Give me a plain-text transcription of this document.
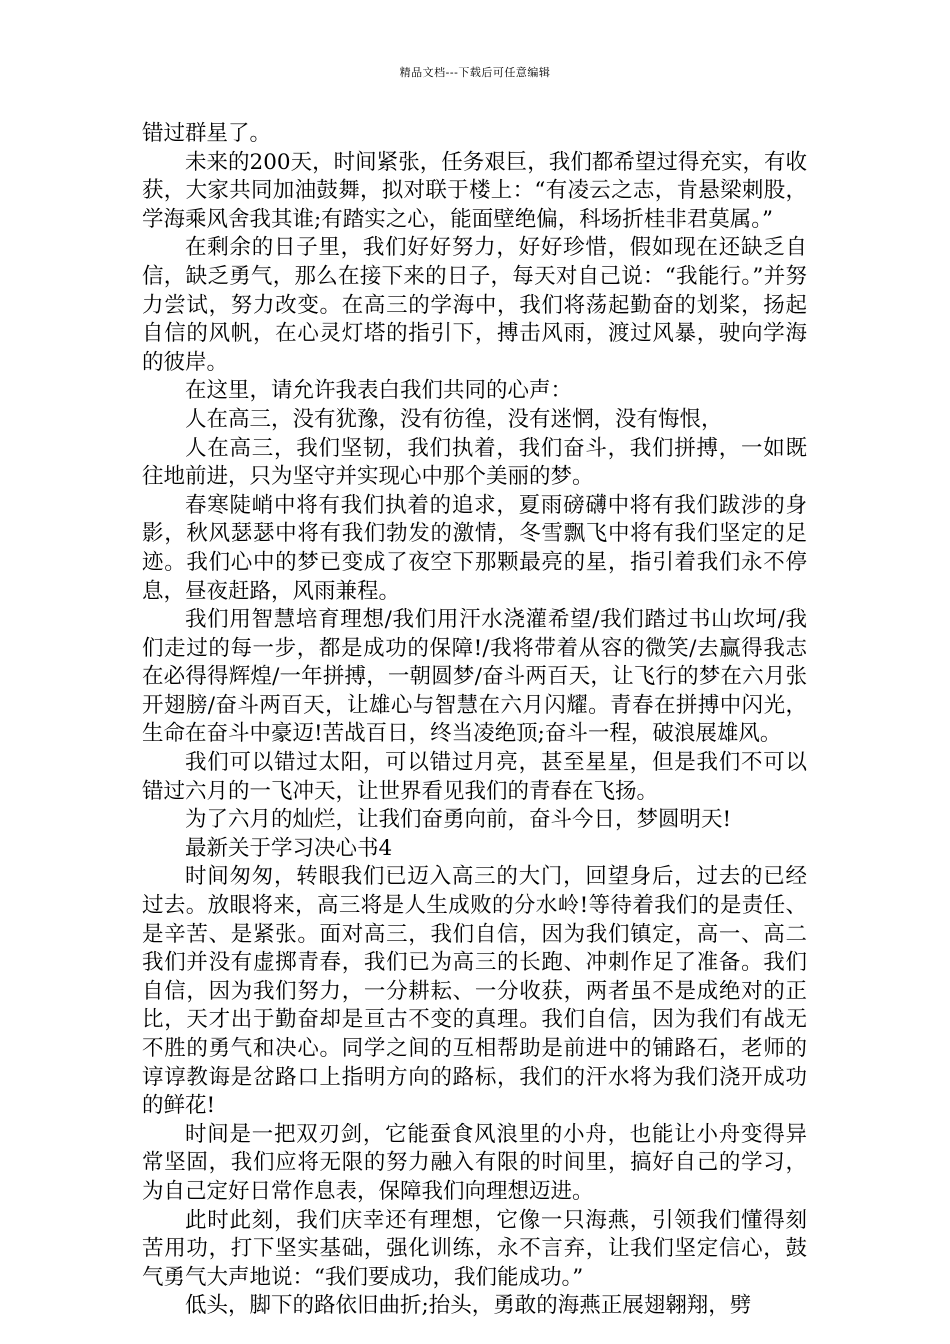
精品文档---下载后可任意编辑

错过群星了。

未来的200天，时间紧张，任务艰巨，我们都希望过得充实，有收获，大家共同加油鼓舞，拟对联于楼上：“有凌云之志，肯悬梁刺股，学海乘风舍我其谁;有踏实之心，能面壁绝偏，科场折桂非君莫属。”

在剩余的日子里，我们好好努力，好好珍惜，假如现在还缺乏自信，缺乏勇气，那么在接下来的日子，每天对自己说：“我能行。”并努力尝试，努力改变。在高三的学海中，我们将荡起勤奋的划桨，扬起自信的风帆，在心灵灯塔的指引下，搏击风雨，渡过风暴，驶向学海的彼岸。

在这里，请允许我表白我们共同的心声：

人在高三，没有犹豫，没有彷徨，没有迷惘，没有悔恨，

人在高三，我们坚韧，我们执着，我们奋斗，我们拼搏，一如既往地前进，只为坚守并实现心中那个美丽的梦。

春寒陡峭中将有我们执着的追求，夏雨磅礴中将有我们跋涉的身影，秋风瑟瑟中将有我们勃发的激情，冬雪飘飞中将有我们坚定的足迹。我们心中的梦已变成了夜空下那颗最亮的星，指引着我们永不停息，昼夜赶路，风雨兼程。

我们用智慧培育理想/我们用汗水浇灌希望/我们踏过书山坎坷/我们走过的每一步，都是成功的保障!/我将带着从容的微笑/去赢得我志在必得得辉煌/一年拼搏，一朝圆梦/奋斗两百天，让飞行的梦在六月张开翅膀/奋斗两百天，让雄心与智慧在六月闪耀。青春在拼搏中闪光，生命在奋斗中豪迈!苦战百日，终当凌绝顶;奋斗一程，破浪展雄风。

我们可以错过太阳，可以错过月亮，甚至星星，但是我们不可以错过六月的一飞冲天，让世界看见我们的青春在飞扬。

为了六月的灿烂，让我们奋勇向前，奋斗今日，梦圆明天!

最新关于学习决心书4

时间匆匆，转眼我们已迈入高三的大门，回望身后，过去的已经过去。放眼将来，高三将是人生成败的分水岭!等待着我们的是责任、是辛苦、是紧张。面对高三，我们自信，因为我们镇定，高一、高二我们并没有虚掷青春，我们已为高三的长跑、冲刺作足了准备。我们自信，因为我们努力，一分耕耘、一分收获，两者虽不是成绝对的正比，天才出于勤奋却是亘古不变的真理。我们自信，因为我们有战无不胜的勇气和决心。同学之间的互相帮助是前进中的铺路石，老师的谆谆教诲是岔路口上指明方向的路标，我们的汗水将为我们浇开成功的鲜花!

时间是一把双刃剑，它能蚕食风浪里的小舟，也能让小舟变得异常坚固，我们应将无限的努力融入有限的时间里，搞好自己的学习，为自己定好日常作息表，保障我们向理想迈进。

此时此刻，我们庆幸还有理想，它像一只海燕，引领我们懂得刻苦用功，打下坚实基础，强化训练，永不言弃，让我们坚定信心，鼓气勇气大声地说：“我们要成功，我们能成功。”

低头，脚下的路依旧曲折;抬头，勇敢的海燕正展翅翱翔，劈
